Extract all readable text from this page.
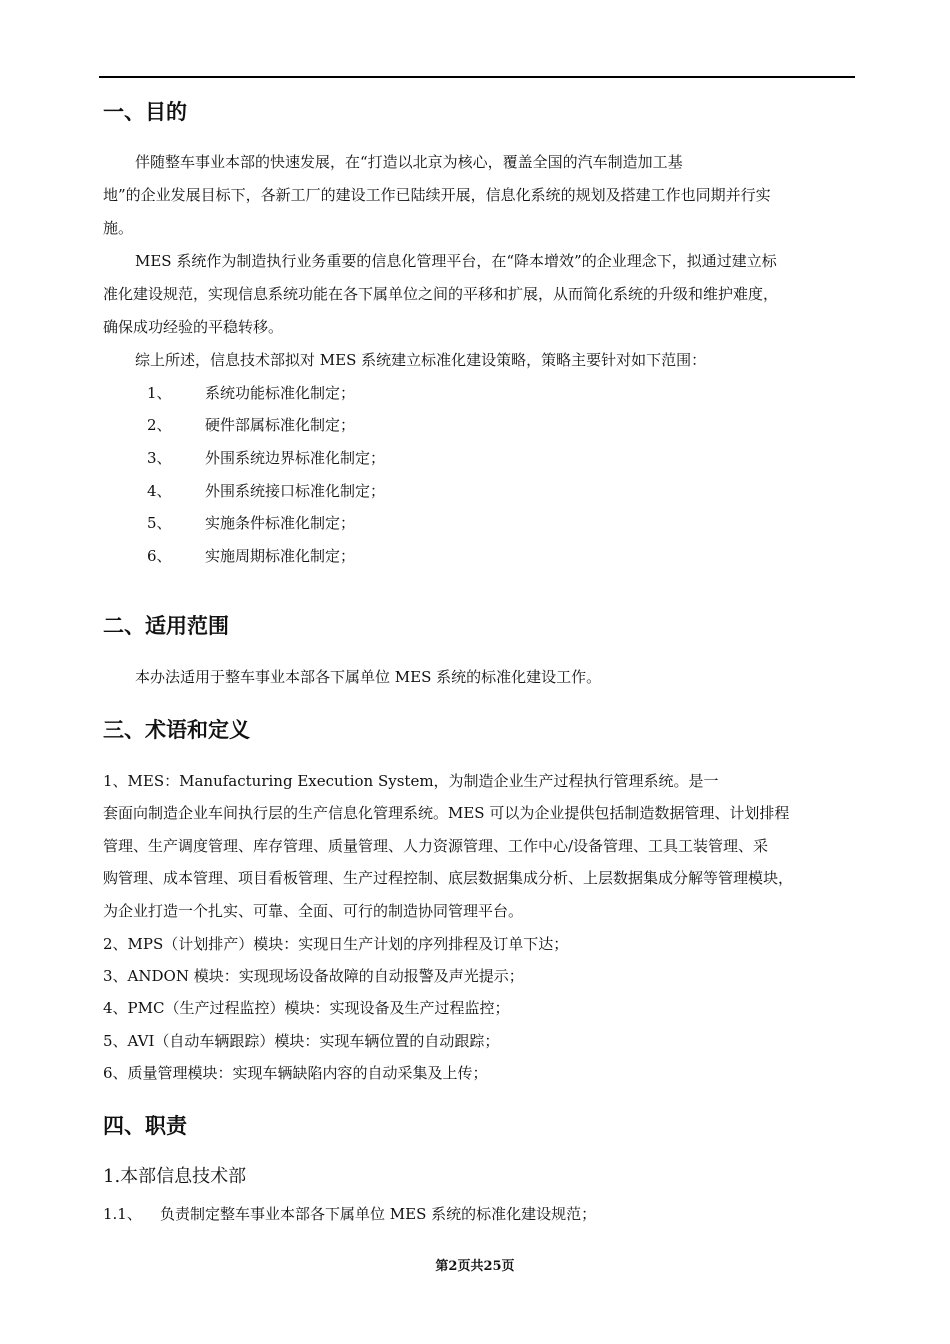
一、目的
伴随整车事业本部的快速发展，在“打造以北京为核心，覆盖全国的汽车制造加工基
地”的企业发展目标下，各新工厂的建设工作已陆续开展，信息化系统的规划及搭建工作也同期并行实
施。
MES 系统作为制造执行业务重要的信息化管理平台，在“降本增效”的企业理念下，拟通过建立标
准化建设规范，实现信息系统功能在各下属单位之间的平移和扩展，从而简化系统的升级和维护难度，
确保成功经验的平稳转移。
综上所述，信息技术部拟对 MES 系统建立标准化建设策略，策略主要针对如下范围：
1、 系统功能标准化制定；
2、 硬件部属标准化制定；
3、 外围系统边界标准化制定；
4、 外围系统接口标准化制定；
5、 实施条件标准化制定；
6、 实施周期标准化制定；
二、适用范围
本办法适用于整车事业本部各下属单位 MES 系统的标准化建设工作。
三、术语和定义
1、MES：Manufacturing Execution System，为制造企业生产过程执行管理系统。是一
套面向制造企业车间执行层的生产信息化管理系统。MES 可以为企业提供包括制造数据管理、计划排程
管理、生产调度管理、库存管理、质量管理、人力资源管理、工作中心/设备管理、工具工装管理、采
购管理、成本管理、项目看板管理、生产过程控制、底层数据集成分析、上层数据集成分解等管理模块，
为企业打造一个扎实、可靠、全面、可行的制造协同管理平台。
2、MPS（计划排产）模块：实现日生产计划的序列排程及订单下达；
3、ANDON 模块：实现现场设备故障的自动报警及声光提示；
4、PMC（生产过程监控）模块：实现设备及生产过程监控；
5、AVI（自动车辆跟踪）模块：实现车辆位置的自动跟踪；
6、质量管理模块：实现车辆缺陷内容的自动采集及上传；
四、职责
1.本部信息技术部
1.1、 负责制定整车事业本部各下属单位 MES 系统的标准化建设规范；
第2页共25页
